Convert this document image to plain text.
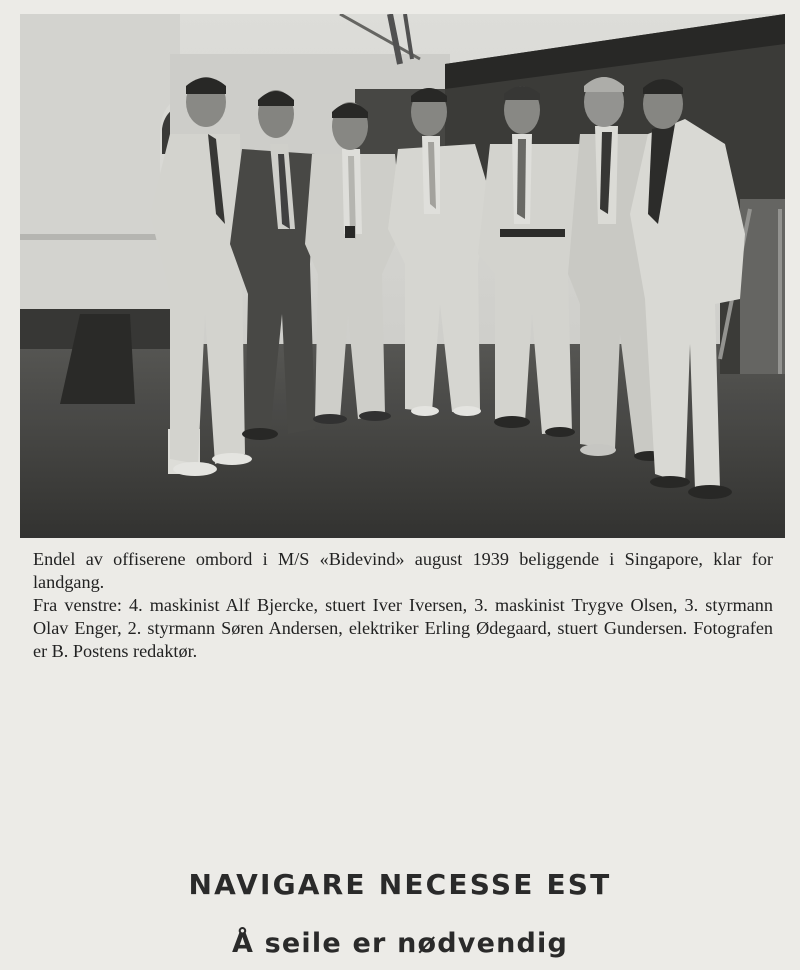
Endel av offiserene ombord i M/S «Bidevind» august 1939 beliggende i Singapore, klar for landgang.

Fra venstre: 4. maskinist Alf Bjercke, stuert Iver Iversen, 3. maskinist Trygve Olsen, 3. styrmann Olav Enger, 2. styrmann Søren Andersen, elektriker Erling Ødegaard, stuert Gundersen. Fotografen er B. Postens redaktør.

NAVIGARE NECESSE EST
Å seile er nødvendig
